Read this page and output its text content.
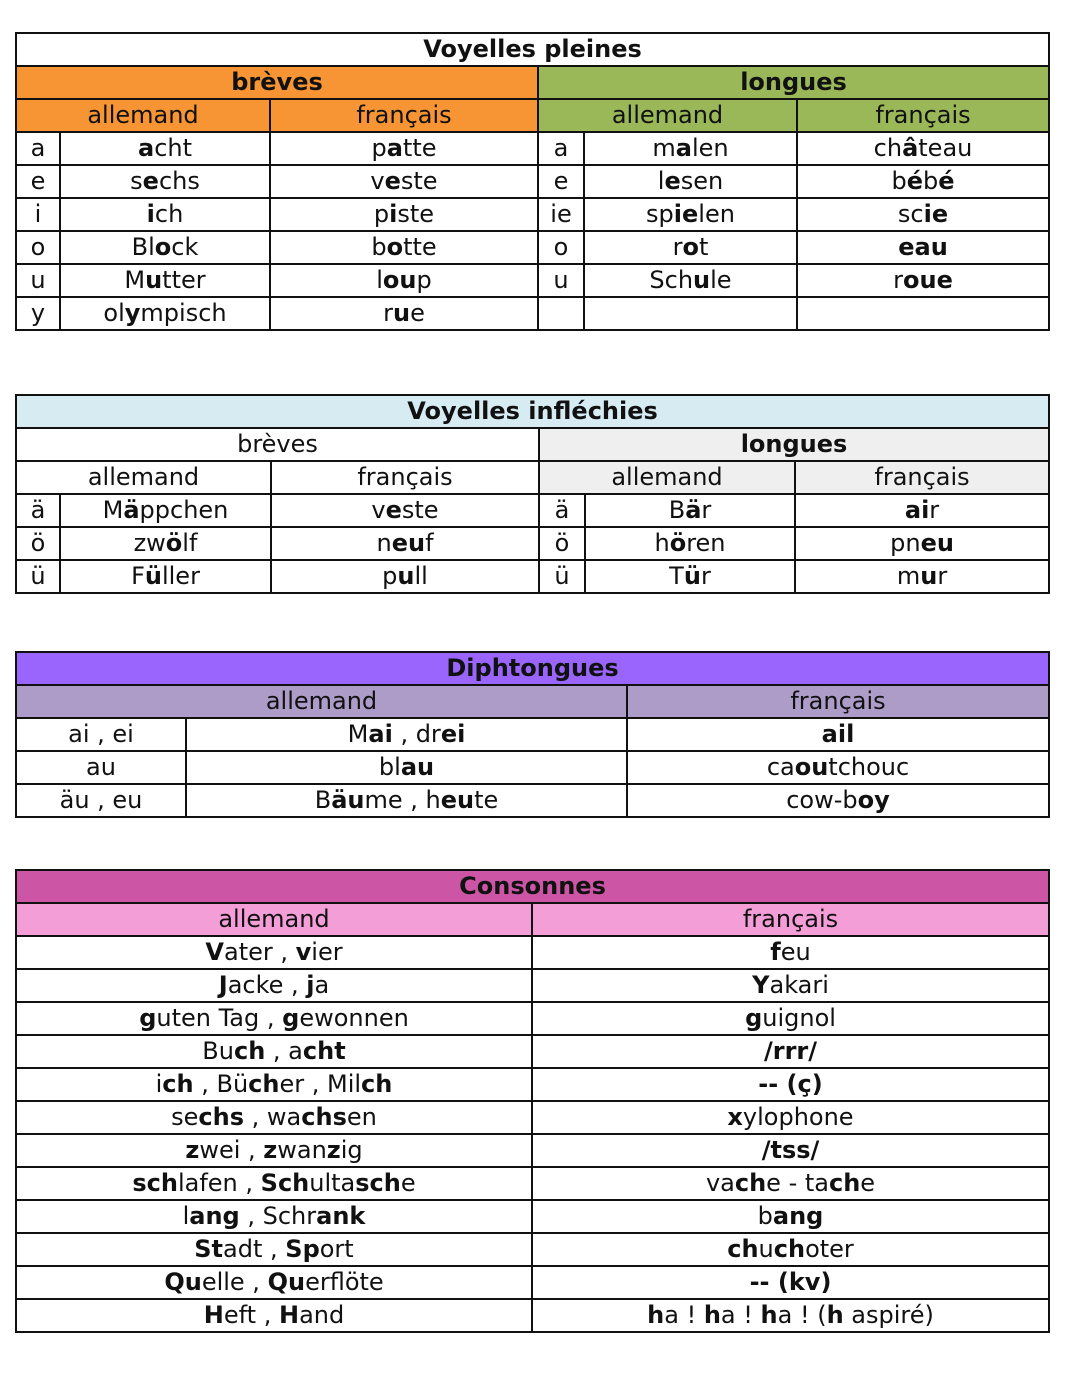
Voyelles pleines					
brèves			longues		
allemand		français	allemand		français
a	acht	patte	a	malen	château
e	sechs	veste	e	lesen	bébé
i	ich	piste	ie	spielen	scie
o	Block	botte	o	rot	eau
u	Mutter	loup	u	Schule	roue
y	olympisch	rue			
Voyelles infléchies					
brèves			longues		
allemand		français	allemand		français
ä	Mäppchen	veste	ä	Bär	air
ö	zwölf	neuf	ö	hören	pneu
ü	Füller	pull	ü	Tür	mur
Diphtongues		
allemand		français
ai , ei	Mai , drei	ail
au	blau	caoutchouc
äu , eu	Bäume , heute	cow-boy
Consonnes	
allemand	français
Vater , vier	feu
Jacke , ja	Yakari
guten Tag , gewonnen	guignol
Buch , acht	/rrr/
ich , Bücher , Milch	-- (ç)
sechs , wachsen	xylophone
zwei , zwanzig	/tss/
schlafen , Schultasche	vache - tache
lang , Schrank	bang
Stadt , Sport	chuchoter
Quelle , Querflöte	-- (kv)
Heft , Hand	ha ! ha ! ha ! (h aspiré)
